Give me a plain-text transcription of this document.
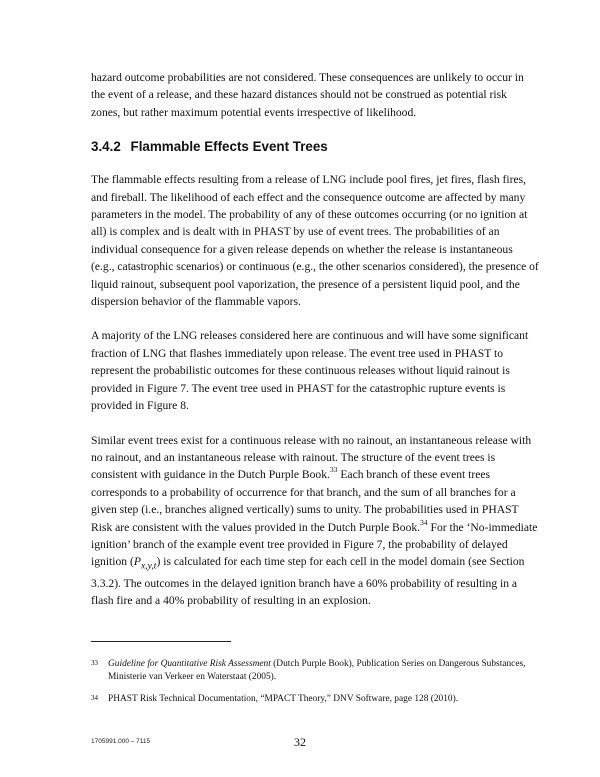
hazard outcome probabilities are not considered. These consequences are unlikely to occur in the event of a release, and these hazard distances should not be construed as potential risk zones, but rather maximum potential events irrespective of likelihood.

3.4.2 Flammable Effects Event Trees

The flammable effects resulting from a release of LNG include pool fires, jet fires, flash fires, and fireball. The likelihood of each effect and the consequence outcome are affected by many parameters in the model. The probability of any of these outcomes occurring (or no ignition at all) is complex and is dealt with in PHAST by use of event trees. The probabilities of an individual consequence for a given release depends on whether the release is instantaneous (e.g., catastrophic scenarios) or continuous (e.g., the other scenarios considered), the presence of liquid rainout, subsequent pool vaporization, the presence of a persistent liquid pool, and the dispersion behavior of the flammable vapors.

A majority of the LNG releases considered here are continuous and will have some significant fraction of LNG that flashes immediately upon release. The event tree used in PHAST to represent the probabilistic outcomes for these continuous releases without liquid rainout is provided in Figure 7. The event tree used in PHAST for the catastrophic rupture events is provided in Figure 8.

Similar event trees exist for a continuous release with no rainout, an instantaneous release with no rainout, and an instantaneous release with rainout. The structure of the event trees is consistent with guidance in the Dutch Purple Book.$^{33}$ Each branch of these event trees corresponds to a probability of occurrence for that branch, and the sum of all branches for a given step (i.e., branches aligned vertically) sums to unity. The probabilities used in PHAST Risk are consistent with the values provided in the Dutch Purple Book.$^{34}$ For the ‘No-immediate ignition’ branch of the example event tree provided in Figure 7, the probability of delayed ignition $(P_{x,y,t})$ is calculated for each time step for each cell in the model domain (see Section 3.3.2). The outcomes in the delayed ignition branch have a 60% probability of resulting in a flash fire and a 40% probability of resulting in an explosion.

33 Guideline for Quantitative Risk Assessment (Dutch Purple Book), Publication Series on Dangerous Substances, Ministerie van Verkeer en Waterstaat (2005).
34 PHAST Risk Technical Documentation, “MPACT Theory,” DNV Software, page 128 (2010).
1705991.000 – 7115	32
